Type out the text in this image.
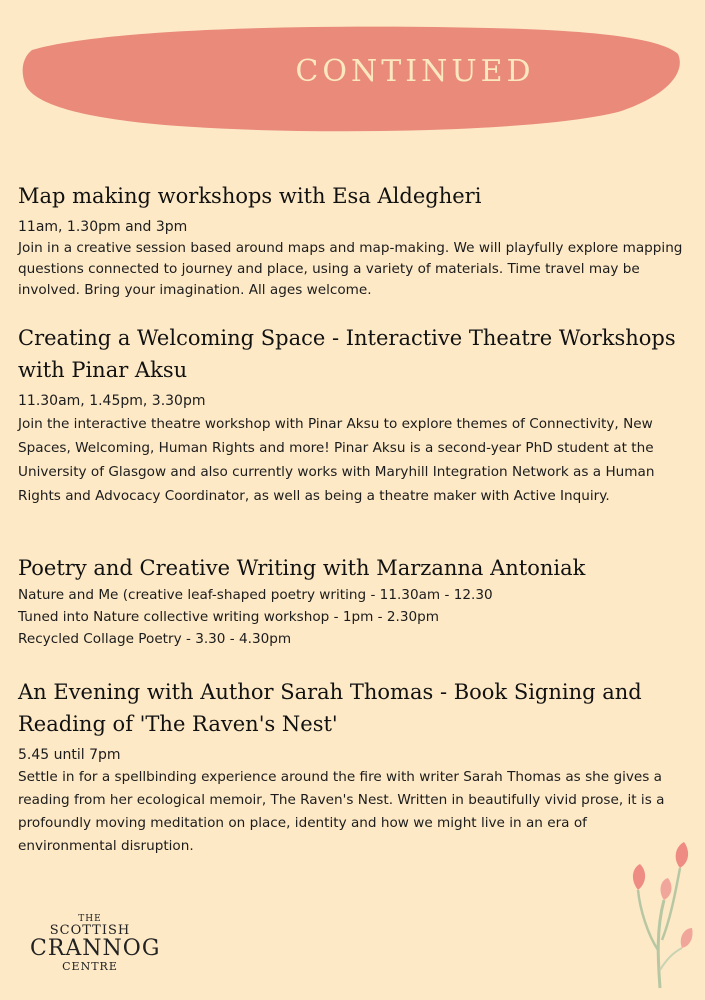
CONTINUED
Map making workshops with Esa Aldegheri
11am, 1.30pm and 3pm

Join in a creative session based around maps and map-making. We will playfully explore mapping questions connected to journey and place, using a variety of materials. Time travel may be involved. Bring your imagination. All ages welcome.

Creating a Welcoming Space - Interactive Theatre Workshops with Pinar Aksu
11.30am, 1.45pm, 3.30pm

Join the interactive theatre workshop with Pinar Aksu to explore themes of Connectivity, New Spaces, Welcoming, Human Rights and more! Pinar Aksu is a second-year PhD student at the University of Glasgow and also currently works with Maryhill Integration Network as a Human Rights and Advocacy Coordinator, as well as being a theatre maker with Active Inquiry.

Poetry and Creative Writing with Marzanna Antoniak
Nature and Me (creative leaf-shaped poetry writing - 11.30am - 12.30
Tuned into Nature collective writing workshop - 1pm - 2.30pm
Recycled Collage Poetry - 3.30 - 4.30pm
An Evening with Author Sarah Thomas - Book Signing and Reading of 'The Raven's Nest'
5.45 until 7pm

Settle in for a spellbinding experience around the fire with writer Sarah Thomas as she gives a reading from her ecological memoir, The Raven's Nest. Written in beautifully vivid prose, it is a profoundly moving meditation on place, identity and how we might live in an era of environmental disruption.

THE
SCOTTISH
CRANNOG
CENTRE
